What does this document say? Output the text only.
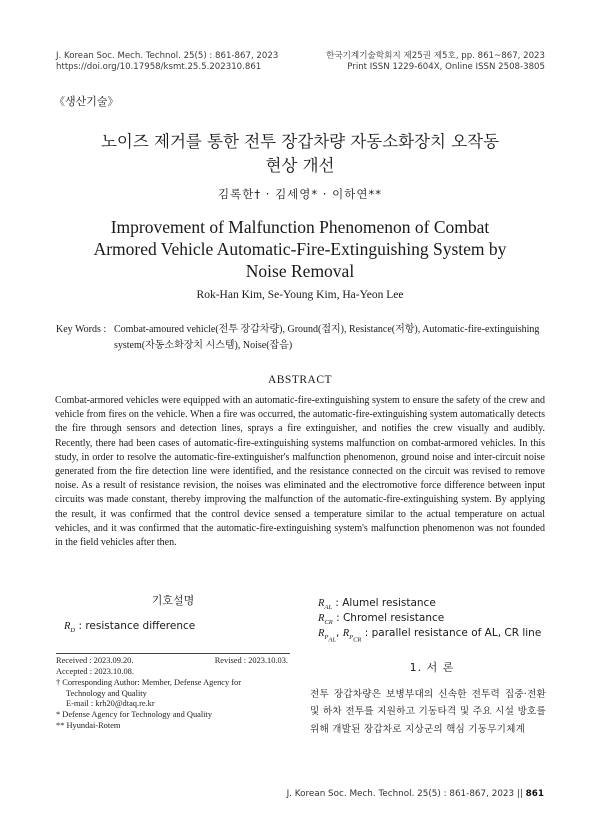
J. Korean Soc. Mech. Technol. 25(5) : 861-867, 2023
https://doi.org/10.17958/ksmt.25.5.202310.861
한국기계기술학회지 제25권 제5호, pp. 861~867, 2023
Print ISSN 1229-604X, Online ISSN 2508-3805
《생산기술》
노이즈 제거를 통한 전투 장갑차량 자동소화장치 오작동
현상 개선
김록한† · 김세영* · 이하연**
Improvement of Malfunction Phenomenon of Combat
Armored Vehicle Automatic-Fire-Extinguishing System by
Noise Removal
Rok-Han Kim, Se-Young Kim, Ha-Yeon Lee
Key Words : Combat-amoured vehicle(전투 장갑차량), Ground(접지), Resistance(저항), Automatic-fire-extinguishing system(자동소화장치 시스템), Noise(잡음)
ABSTRACT
Combat-armored vehicles were equipped with an automatic-fire-extinguishing system to ensure the safety of the crew and vehicle from fires on the vehicle. When a fire was occurred, the automatic-fire-extinguishing system automatically detects the fire through sensors and detection lines, sprays a fire extinguisher, and notifies the crew visually and audibly. Recently, there had been cases of automatic-fire-extinguishing systems malfunction on combat-armored vehicles. In this study, in order to resolve the automatic-fire-extinguisher's malfunction phenomenon, ground noise and inter-circuit noise generated from the fire detection line were identified, and the resistance connected on the circuit was revised to remove noise. As a result of resistance revision, the noises was eliminated and the electromotive force difference between input circuits was made constant, thereby improving the malfunction of the automatic-fire-extinguishing system. By applying the result, it was confirmed that the control device sensed a temperature similar to the actual temperature on actual vehicles, and it was confirmed that the automatic-fire-extinguishing system's malfunction phenomenon was not founded in the field vehicles after then.
기호설명
$R_D$ : resistance difference
$R_{AL}$ : Alumel resistance
$R_{CR}$ : Chromel resistance
$R_{P_{AL}}$, $R_{P_{CR}}$ : parallel resistance of AL, CR line
Received : 2023.09.20.	Revised : 2023.10.03.
Accepted : 2023.10.08.
† Corresponding Author: Member, Defense Agency for
Technology and Quality
E-mail : krh20@dtaq.re.kr
* Defense Agency for Technology and Quality
** Hyundai-Rotem
1. 서 론
전투 장갑차량은 보병부대의 신속한 전투력 집중·전환 및 하차 전투를 지원하고 기동타격 및 주요 시설 방호를 위해 개발된 장갑차로 지상군의 핵심 기동무기체계
J. Korean Soc. Mech. Technol. 25(5) : 861-867, 2023 || 861
